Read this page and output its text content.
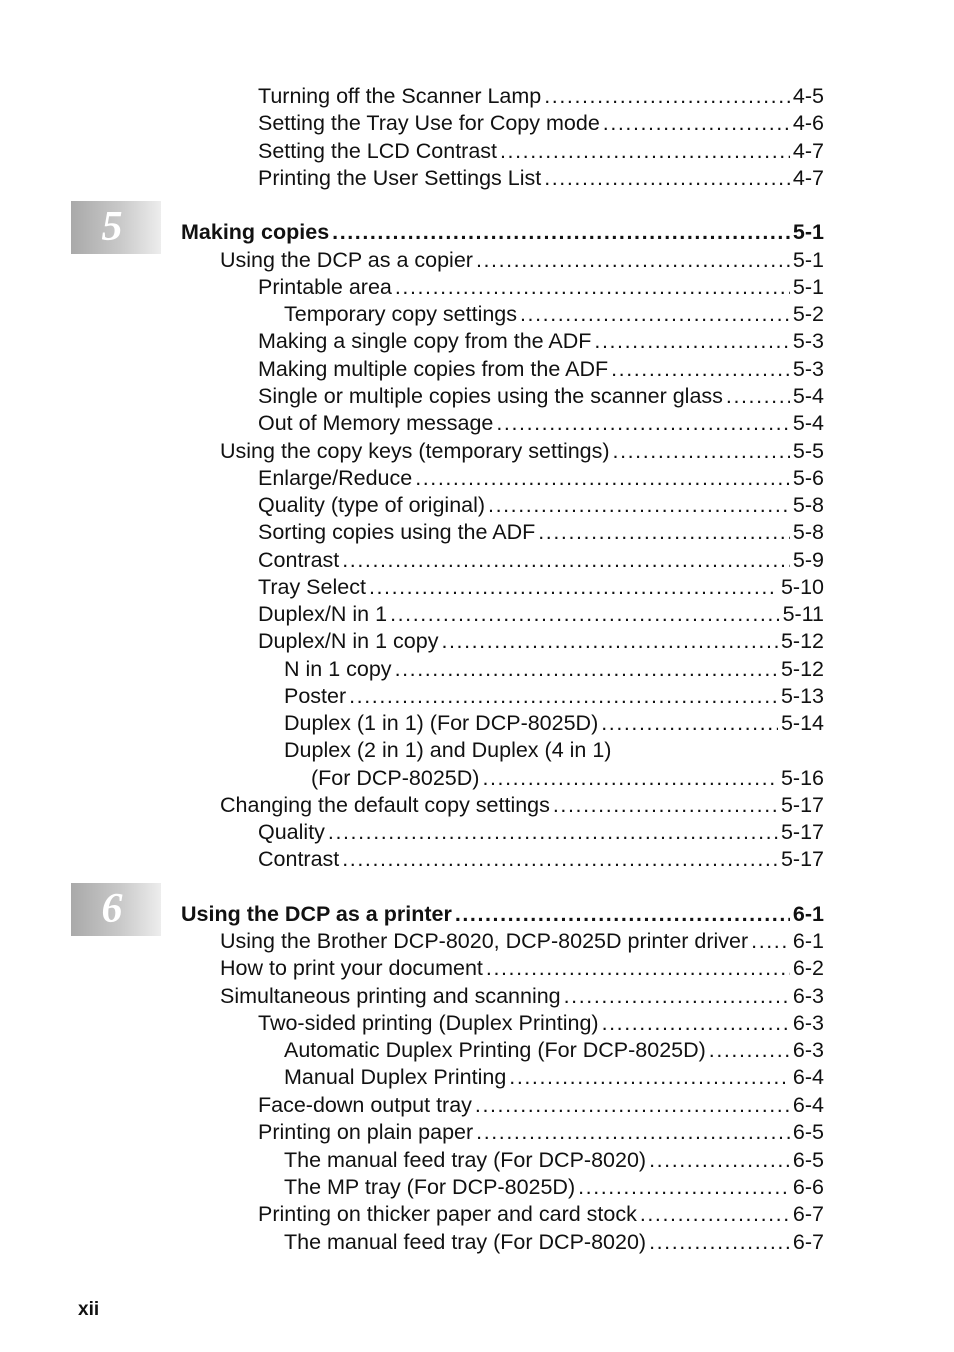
Turning off the Scanner Lamp . . .	4-5
Setting the Tray Use for Copy mode . . .	4-6
Setting the LCD Contrast . . .	4-7
Printing the User Settings List . . .	4-7
5	Making copies . . .	5-1
Using the DCP as a copier . . .	5-1
Printable area . . .	5-1
Temporary copy settings . . .	5-2
Making a single copy from the ADF . . .	5-3
Making multiple copies from the ADF . . .	5-3
Single or multiple copies using the scanner glass . . .	5-4
Out of Memory message . . .	5-4
Using the copy keys (temporary settings) . . .	5-5
Enlarge/Reduce . . .	5-6
Quality (type of original) . . .	5-8
Sorting copies using the ADF . . .	5-8
Contrast . . .	5-9
Tray Select . . .	5-10
Duplex/N in 1 . . .	5-11
Duplex/N in 1 copy . . .	5-12
N in 1 copy . . .	5-12
Poster . . .	5-13
Duplex (1 in 1) (For DCP-8025D) . . .	5-14
Duplex (2 in 1) and Duplex (4 in 1)
(For DCP-8025D) . . .	5-16
Changing the default copy settings . . .	5-17
Quality . . .	5-17
Contrast . . .	5-17
6	Using the DCP as a printer . . .	6-1
Using the Brother DCP-8020, DCP-8025D printer driver . . . 6-1
How to print your document . . .	6-2
Simultaneous printing and scanning . . .	6-3
Two-sided printing (Duplex Printing) . . .	6-3
Automatic Duplex Printing (For DCP-8025D) . . .	6-3
Manual Duplex Printing . . .	6-4
Face-down output tray . . .	6-4
Printing on plain paper . . .	6-5
The manual feed tray (For DCP-8020) . . .	6-5
The MP tray (For DCP-8025D) . . .	6-6
Printing on thicker paper and card stock . . .	6-7
The manual feed tray (For DCP-8020) . . .	6-7
xii
